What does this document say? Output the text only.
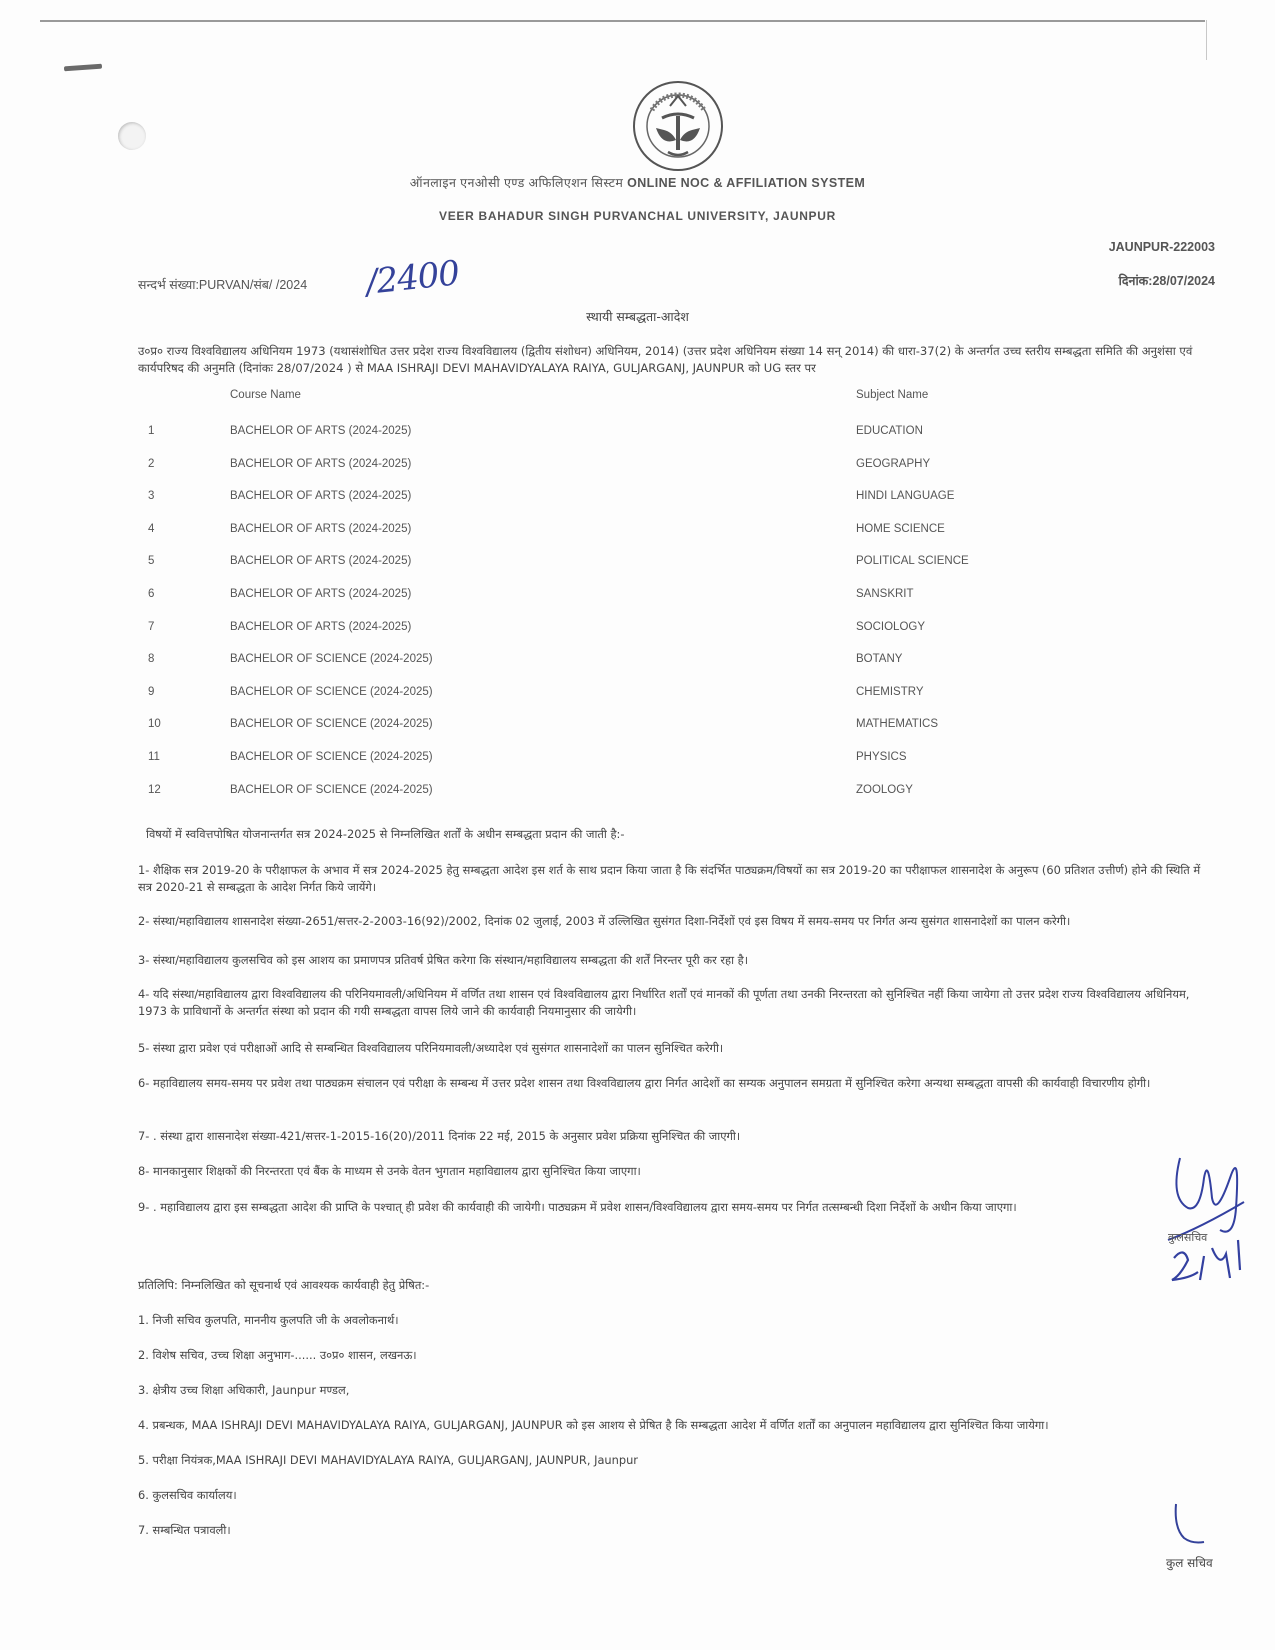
ऑनलाइन एनओसी एण्ड अफिलिएशन सिस्टम ONLINE NOC & AFFILIATION SYSTEM
VEER BAHADUR SINGH PURVANCHAL UNIVERSITY, JAUNPUR
JAUNPUR-222003
सन्दर्भ संख्या:PURVAN/संब/ /2024 /2400	दिनांक:28/07/2024
स्थायी सम्बद्धता-आदेश
उ०प्र० राज्य विश्वविद्यालय अधिनियम 1973 (यथासंशोधित उत्तर प्रदेश राज्य विश्वविद्यालय (द्वितीय संशोधन) अधिनियम, 2014) (उत्तर प्रदेश अधिनियम संख्या 14 सन् 2014) की धारा-37(2) के अन्तर्गत उच्च स्तरीय सम्बद्धता समिति की अनुशंसा एवं कार्यपरिषद की अनुमति (दिनांकः 28/07/2024 ) से MAA ISHRAJI DEVI MAHAVIDYALAYA RAIYA, GULJARGANJ, JAUNPUR को UG स्तर पर
Course Name	Subject Name
1	BACHELOR OF ARTS (2024-2025)	EDUCATION
2	BACHELOR OF ARTS (2024-2025)	GEOGRAPHY
3	BACHELOR OF ARTS (2024-2025)	HINDI LANGUAGE
4	BACHELOR OF ARTS (2024-2025)	HOME SCIENCE
5	BACHELOR OF ARTS (2024-2025)	POLITICAL SCIENCE
6	BACHELOR OF ARTS (2024-2025)	SANSKRIT
7	BACHELOR OF ARTS (2024-2025)	SOCIOLOGY
8	BACHELOR OF SCIENCE (2024-2025)	BOTANY
9	BACHELOR OF SCIENCE (2024-2025)	CHEMISTRY
10	BACHELOR OF SCIENCE (2024-2025)	MATHEMATICS
11	BACHELOR OF SCIENCE (2024-2025)	PHYSICS
12	BACHELOR OF SCIENCE (2024-2025)	ZOOLOGY
विषयों में स्ववित्तपोषित योजनान्तर्गत सत्र 2024-2025 से निम्नलिखित शर्तों के अधीन सम्बद्धता प्रदान की जाती है:-
1- शैक्षिक सत्र 2019-20 के परीक्षाफल के अभाव में सत्र 2024-2025 हेतु सम्बद्धता आदेश इस शर्त के साथ प्रदान किया जाता है कि संदर्भित पाठ्यक्रम/विषयों का सत्र 2019-20 का परीक्षाफल शासनादेश के अनुरूप (60 प्रतिशत उत्तीर्ण) होने की स्थिति में सत्र 2020-21 से सम्बद्धता के आदेश निर्गत किये जायेंगे।
2- संस्था/महाविद्यालय शासनादेश संख्या-2651/सत्तर-2-2003-16(92)/2002, दिनांक 02 जुलाई, 2003 में उल्लिखित सुसंगत दिशा-निर्देशों एवं इस विषय में समय-समय पर निर्गत अन्य सुसंगत शासनादेशों का पालन करेगी।
3- संस्था/महाविद्यालय कुलसचिव को इस आशय का प्रमाणपत्र प्रतिवर्ष प्रेषित करेगा कि संस्थान/महाविद्यालय सम्बद्धता की शर्तें निरन्तर पूरी कर रहा है।
4- यदि संस्था/महाविद्यालय द्वारा विश्वविद्यालय की परिनियमावली/अधिनियम में वर्णित तथा शासन एवं विश्वविद्यालय द्वारा निर्धारित शर्तों एवं मानकों की पूर्णता तथा उनकी निरन्तरता को सुनिश्चित नहीं किया जायेगा तो उत्तर प्रदेश राज्य विश्वविद्यालय अधिनियम, 1973 के प्राविधानों के अन्तर्गत संस्था को प्रदान की गयी सम्बद्धता वापस लिये जाने की कार्यवाही नियमानुसार की जायेगी।
5- संस्था द्वारा प्रवेश एवं परीक्षाओं आदि से सम्बन्धित विश्वविद्यालय परिनियमावली/अध्यादेश एवं सुसंगत शासनादेशों का पालन सुनिश्चित करेगी।
6- महाविद्यालय समय-समय पर प्रवेश तथा पाठ्यक्रम संचालन एवं परीक्षा के सम्बन्ध में उत्तर प्रदेश शासन तथा विश्वविद्यालय द्वारा निर्गत आदेशों का सम्यक अनुपालन समग्रता में सुनिश्चित करेगा अन्यथा सम्बद्धता वापसी की कार्यवाही विचारणीय होगी।
7- . संस्था द्वारा शासनादेश संख्या-421/सत्तर-1-2015-16(20)/2011 दिनांक 22 मई, 2015 के अनुसार प्रवेश प्रक्रिया सुनिश्चित की जाएगी।
8- मानकानुसार शिक्षकों की निरन्तरता एवं बैंक के माध्यम से उनके वेतन भुगतान महाविद्यालय द्वारा सुनिश्चित किया जाएगा।
9- . महाविद्यालय द्वारा इस सम्बद्धता आदेश की प्राप्ति के पश्चात् ही प्रवेश की कार्यवाही की जायेगी। पाठ्यक्रम में प्रवेश शासन/विश्वविद्यालय द्वारा समय-समय पर निर्गत तत्सम्बन्धी दिशा निर्देशों के अधीन किया जाएगा।
कुलसचिव
प्रतिलिपि: निम्नलिखित को सूचनार्थ एवं आवश्यक कार्यवाही हेतु प्रेषित:-
1. निजी सचिव कुलपति, माननीय कुलपति जी के अवलोकनार्थ।
2. विशेष सचिव, उच्च शिक्षा अनुभाग-...... उ०प्र० शासन, लखनऊ।
3. क्षेत्रीय उच्च शिक्षा अधिकारी, Jaunpur मण्डल,
4. प्रबन्धक, MAA ISHRAJI DEVI MAHAVIDYALAYA RAIYA, GULJARGANJ, JAUNPUR को इस आशय से प्रेषित है कि सम्बद्धता आदेश में वर्णित शर्तों का अनुपालन महाविद्यालय द्वारा सुनिश्चित किया जायेगा।
5. परीक्षा नियंत्रक,MAA ISHRAJI DEVI MAHAVIDYALAYA RAIYA, GULJARGANJ, JAUNPUR, Jaunpur
6. कुलसचिव कार्यालय।
7. सम्बन्धित पत्रावली।
कुल सचिव
